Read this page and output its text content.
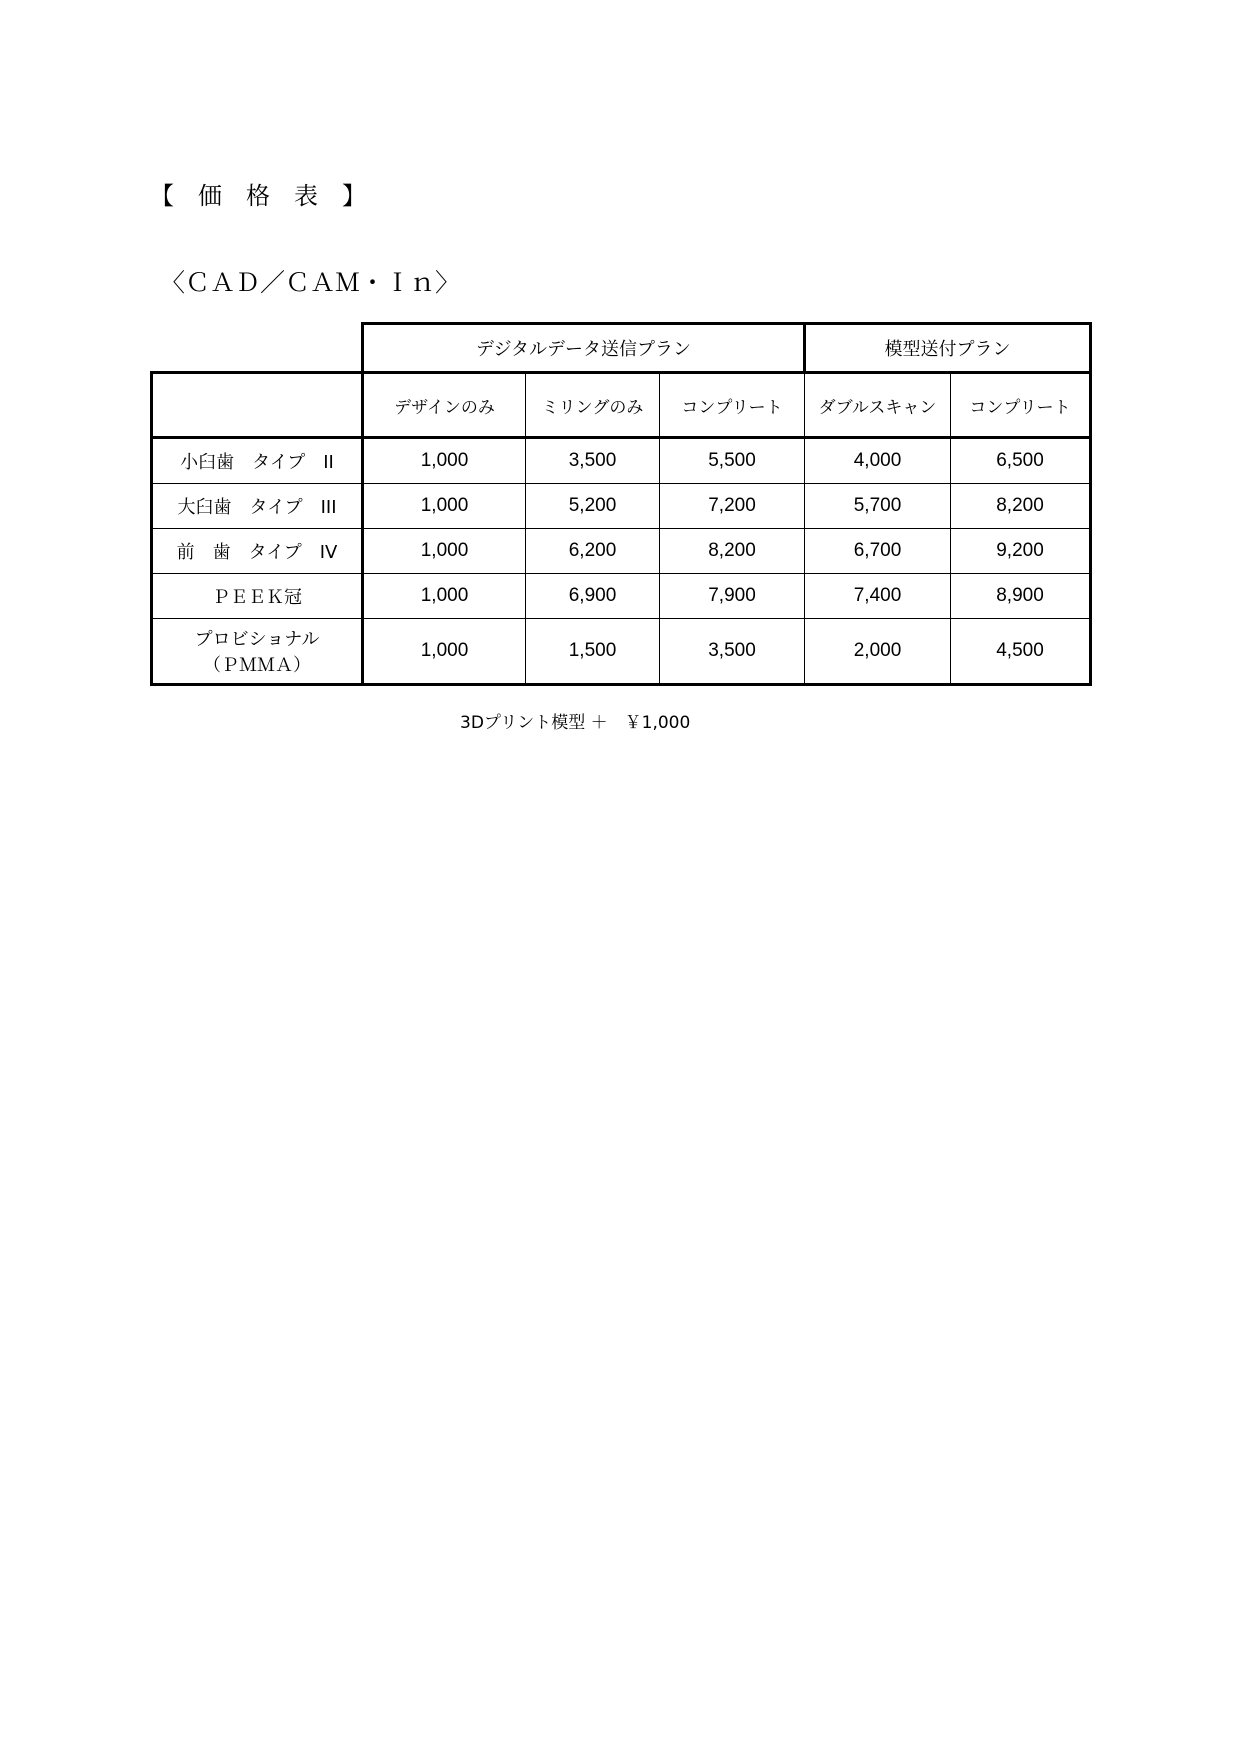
【　価　格　表　】
〈ＣＡＤ／ＣＡＭ・Ｉｎ〉
	デジタルデータ送信プラン			模型送付プラン	
	デザインのみ	ミリングのみ	コンプリート	ダブルスキャン	コンプリート
小臼歯　タイプ　II	1,000	3,500	5,500	4,000	6,500
大臼歯　タイプ　III	1,000	5,200	7,200	5,700	8,200
前　歯　タイプ　IV	1,000	6,200	8,200	6,700	9,200
ＰＥＥＫ冠	1,000	6,900	7,900	7,400	8,900

プロビショナル
（ＰＭＭＡ）	1,000	1,500	3,500	2,000	4,500
3Dプリント模型 ＋　￥1,000
